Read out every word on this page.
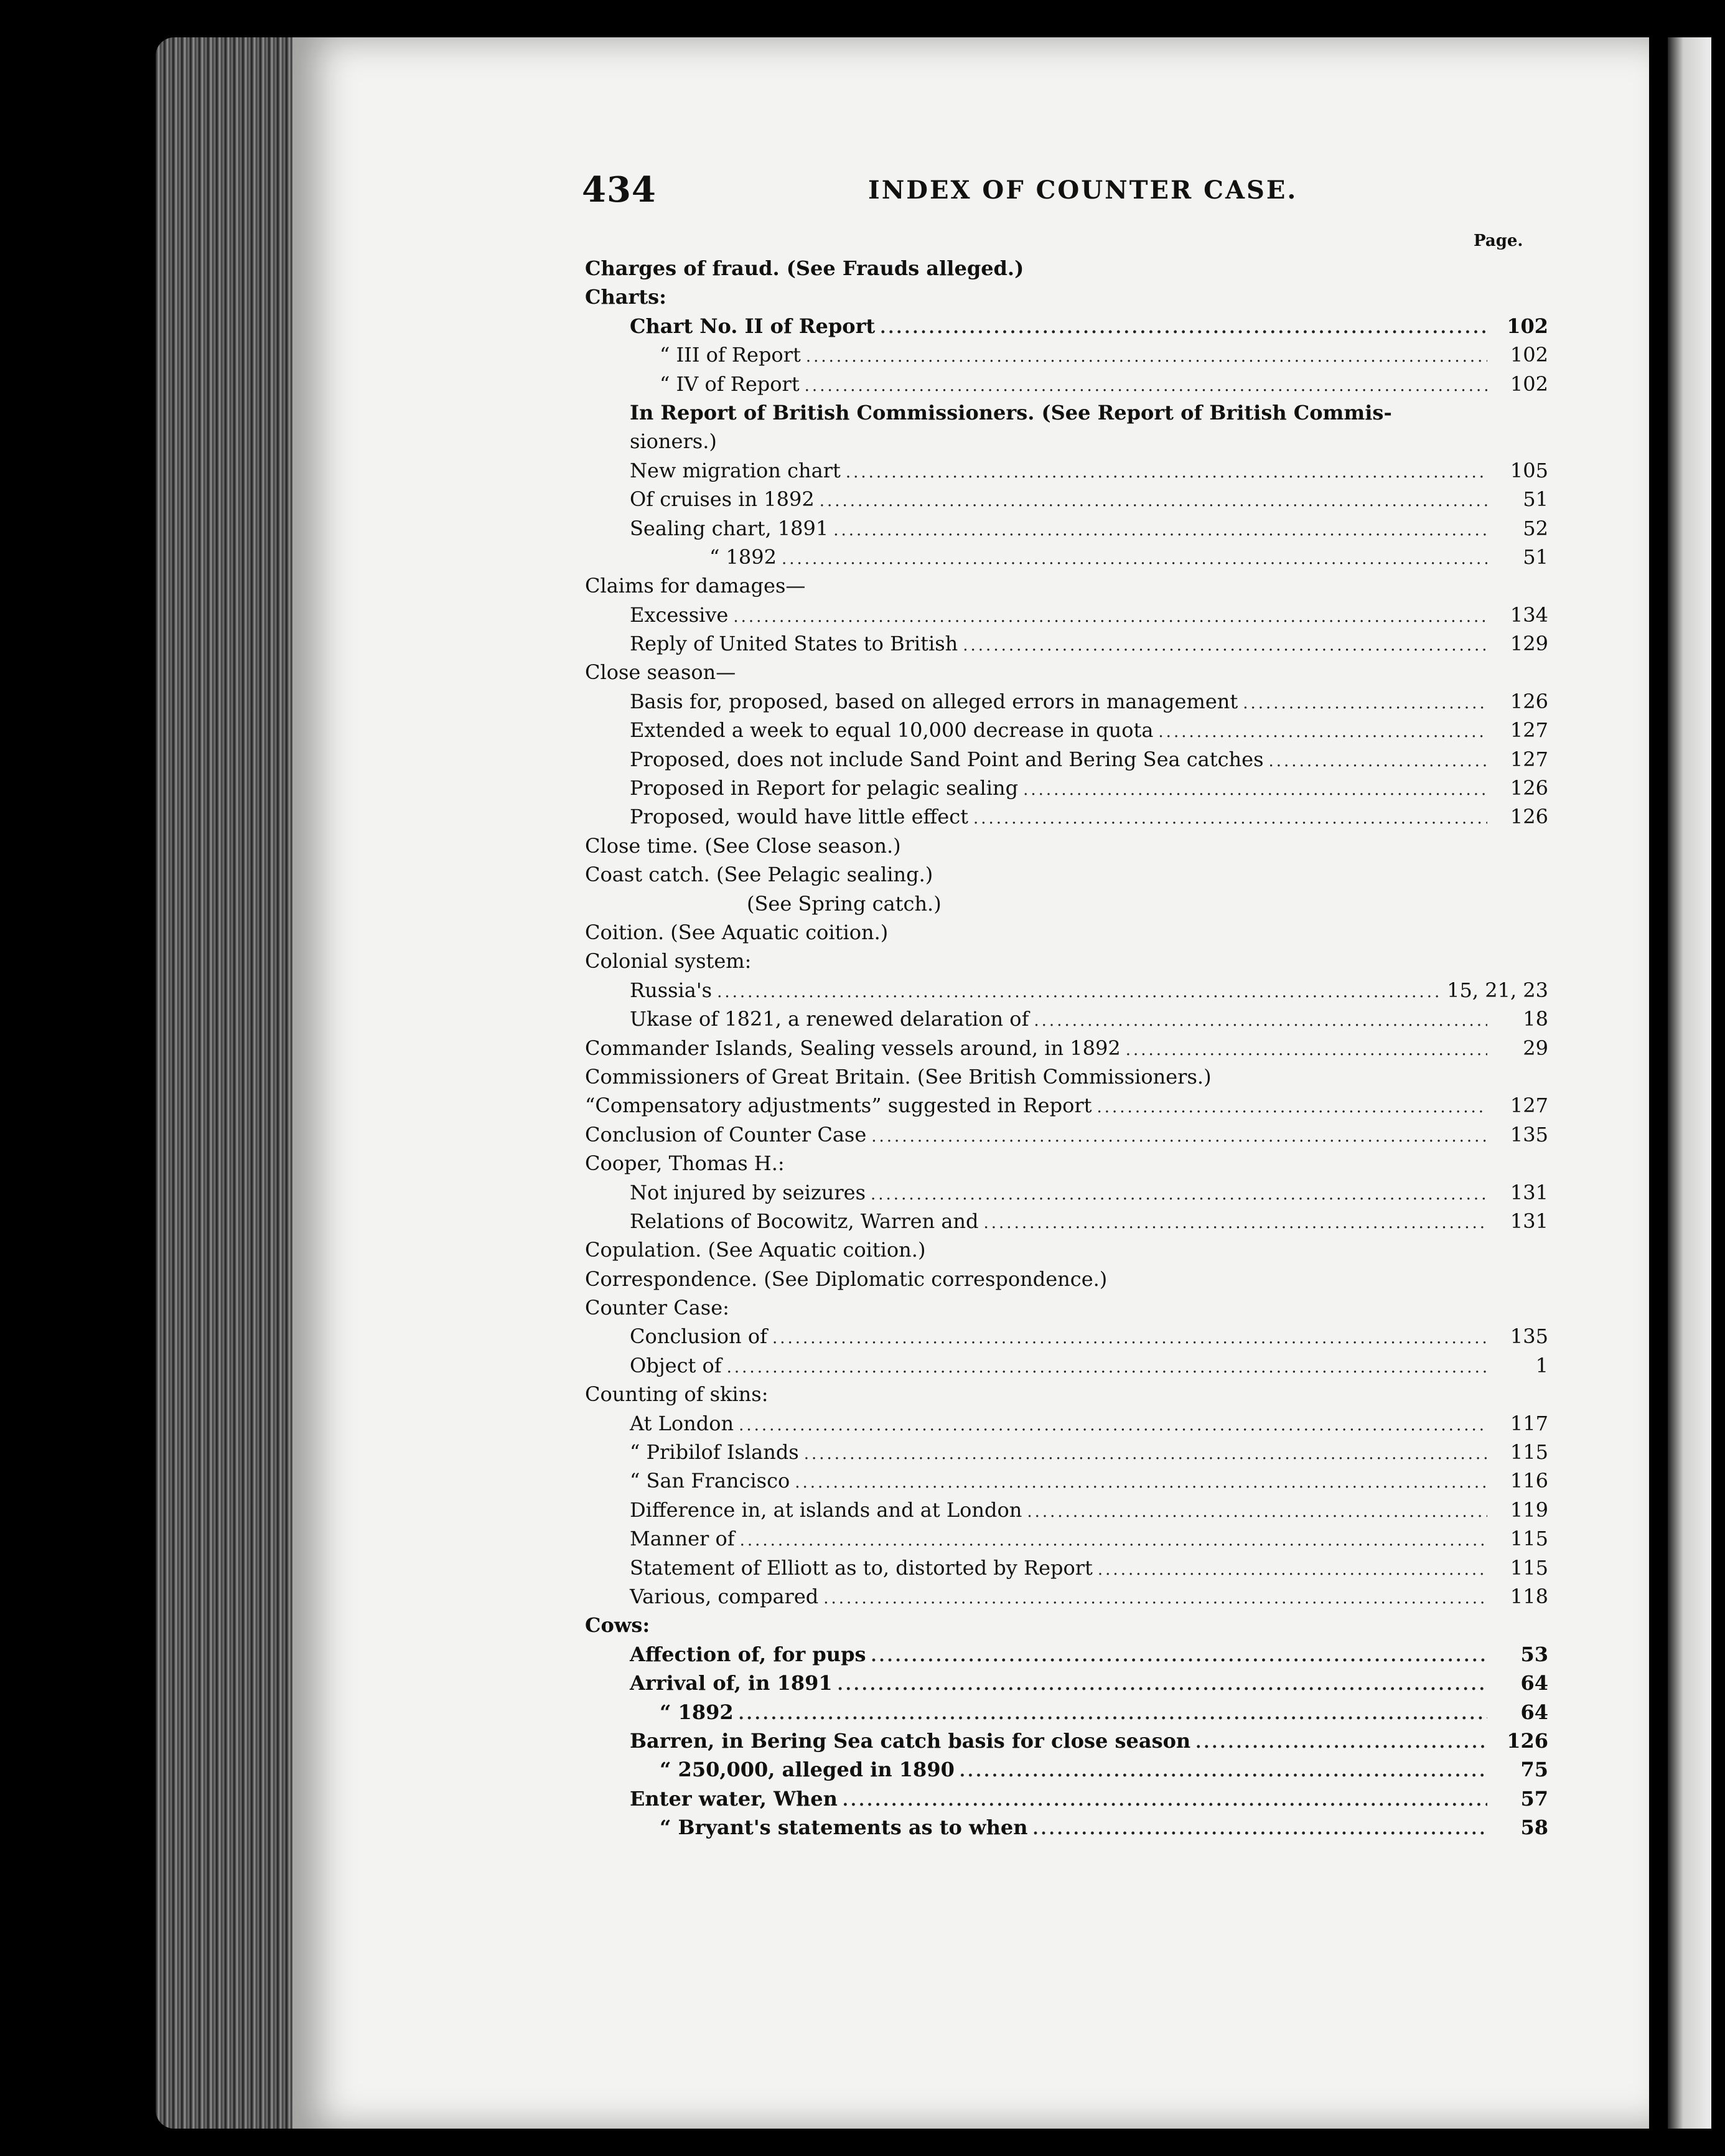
434	INDEX OF COUNTER CASE.
Page.
Charges of fraud. (See Frauds alleged.)
Charts:
Chart No. II of Report .....	102
“ III of Report .....	102
“ IV of Report .....	102
In Report of British Commissioners. (See Report of British Commis-
sioners.)
New migration chart .....	105
Of cruises in 1892 .....	51
Sealing chart, 1891 .....	52
“ 1892 .....	51
Claims for damages—
Excessive .....	134
Reply of United States to British .....	129
Close season—
Basis for, proposed, based on alleged errors in management .....	126
Extended a week to equal 10,000 decrease in quota .....	127
Proposed, does not include Sand Point and Bering Sea catches .....	127
Proposed in Report for pelagic sealing .....	126
Proposed, would have little effect .....	126
Close time. (See Close season.)
Coast catch. (See Pelagic sealing.)
(See Spring catch.)
Coition. (See Aquatic coition.)
Colonial system:
Russia's .....	15, 21, 23
Ukase of 1821, a renewed delaration of .....	18
Commander Islands, Sealing vessels around, in 1892 .....	29
Commissioners of Great Britain. (See British Commissioners.)
“Compensatory adjustments” suggested in Report .....	127
Conclusion of Counter Case .....	135
Cooper, Thomas H.:
Not injured by seizures .....	131
Relations of Bocowitz, Warren and .....	131
Copulation. (See Aquatic coition.)
Correspondence. (See Diplomatic correspondence.)
Counter Case:
Conclusion of .....	135
Object of .....	1
Counting of skins:
At London .....	117
“ Pribilof Islands .....	115
“ San Francisco .....	116
Difference in, at islands and at London .....	119
Manner of .....	115
Statement of Elliott as to, distorted by Report .....	115
Various, compared .....	118
Cows:
Affection of, for pups .....	53
Arrival of, in 1891 .....	64
“ 1892 .....	64
Barren, in Bering Sea catch basis for close season .....	126
“ 250,000, alleged in 1890 .....	75
Enter water, When .....	57
“ Bryant's statements as to when .....	58
